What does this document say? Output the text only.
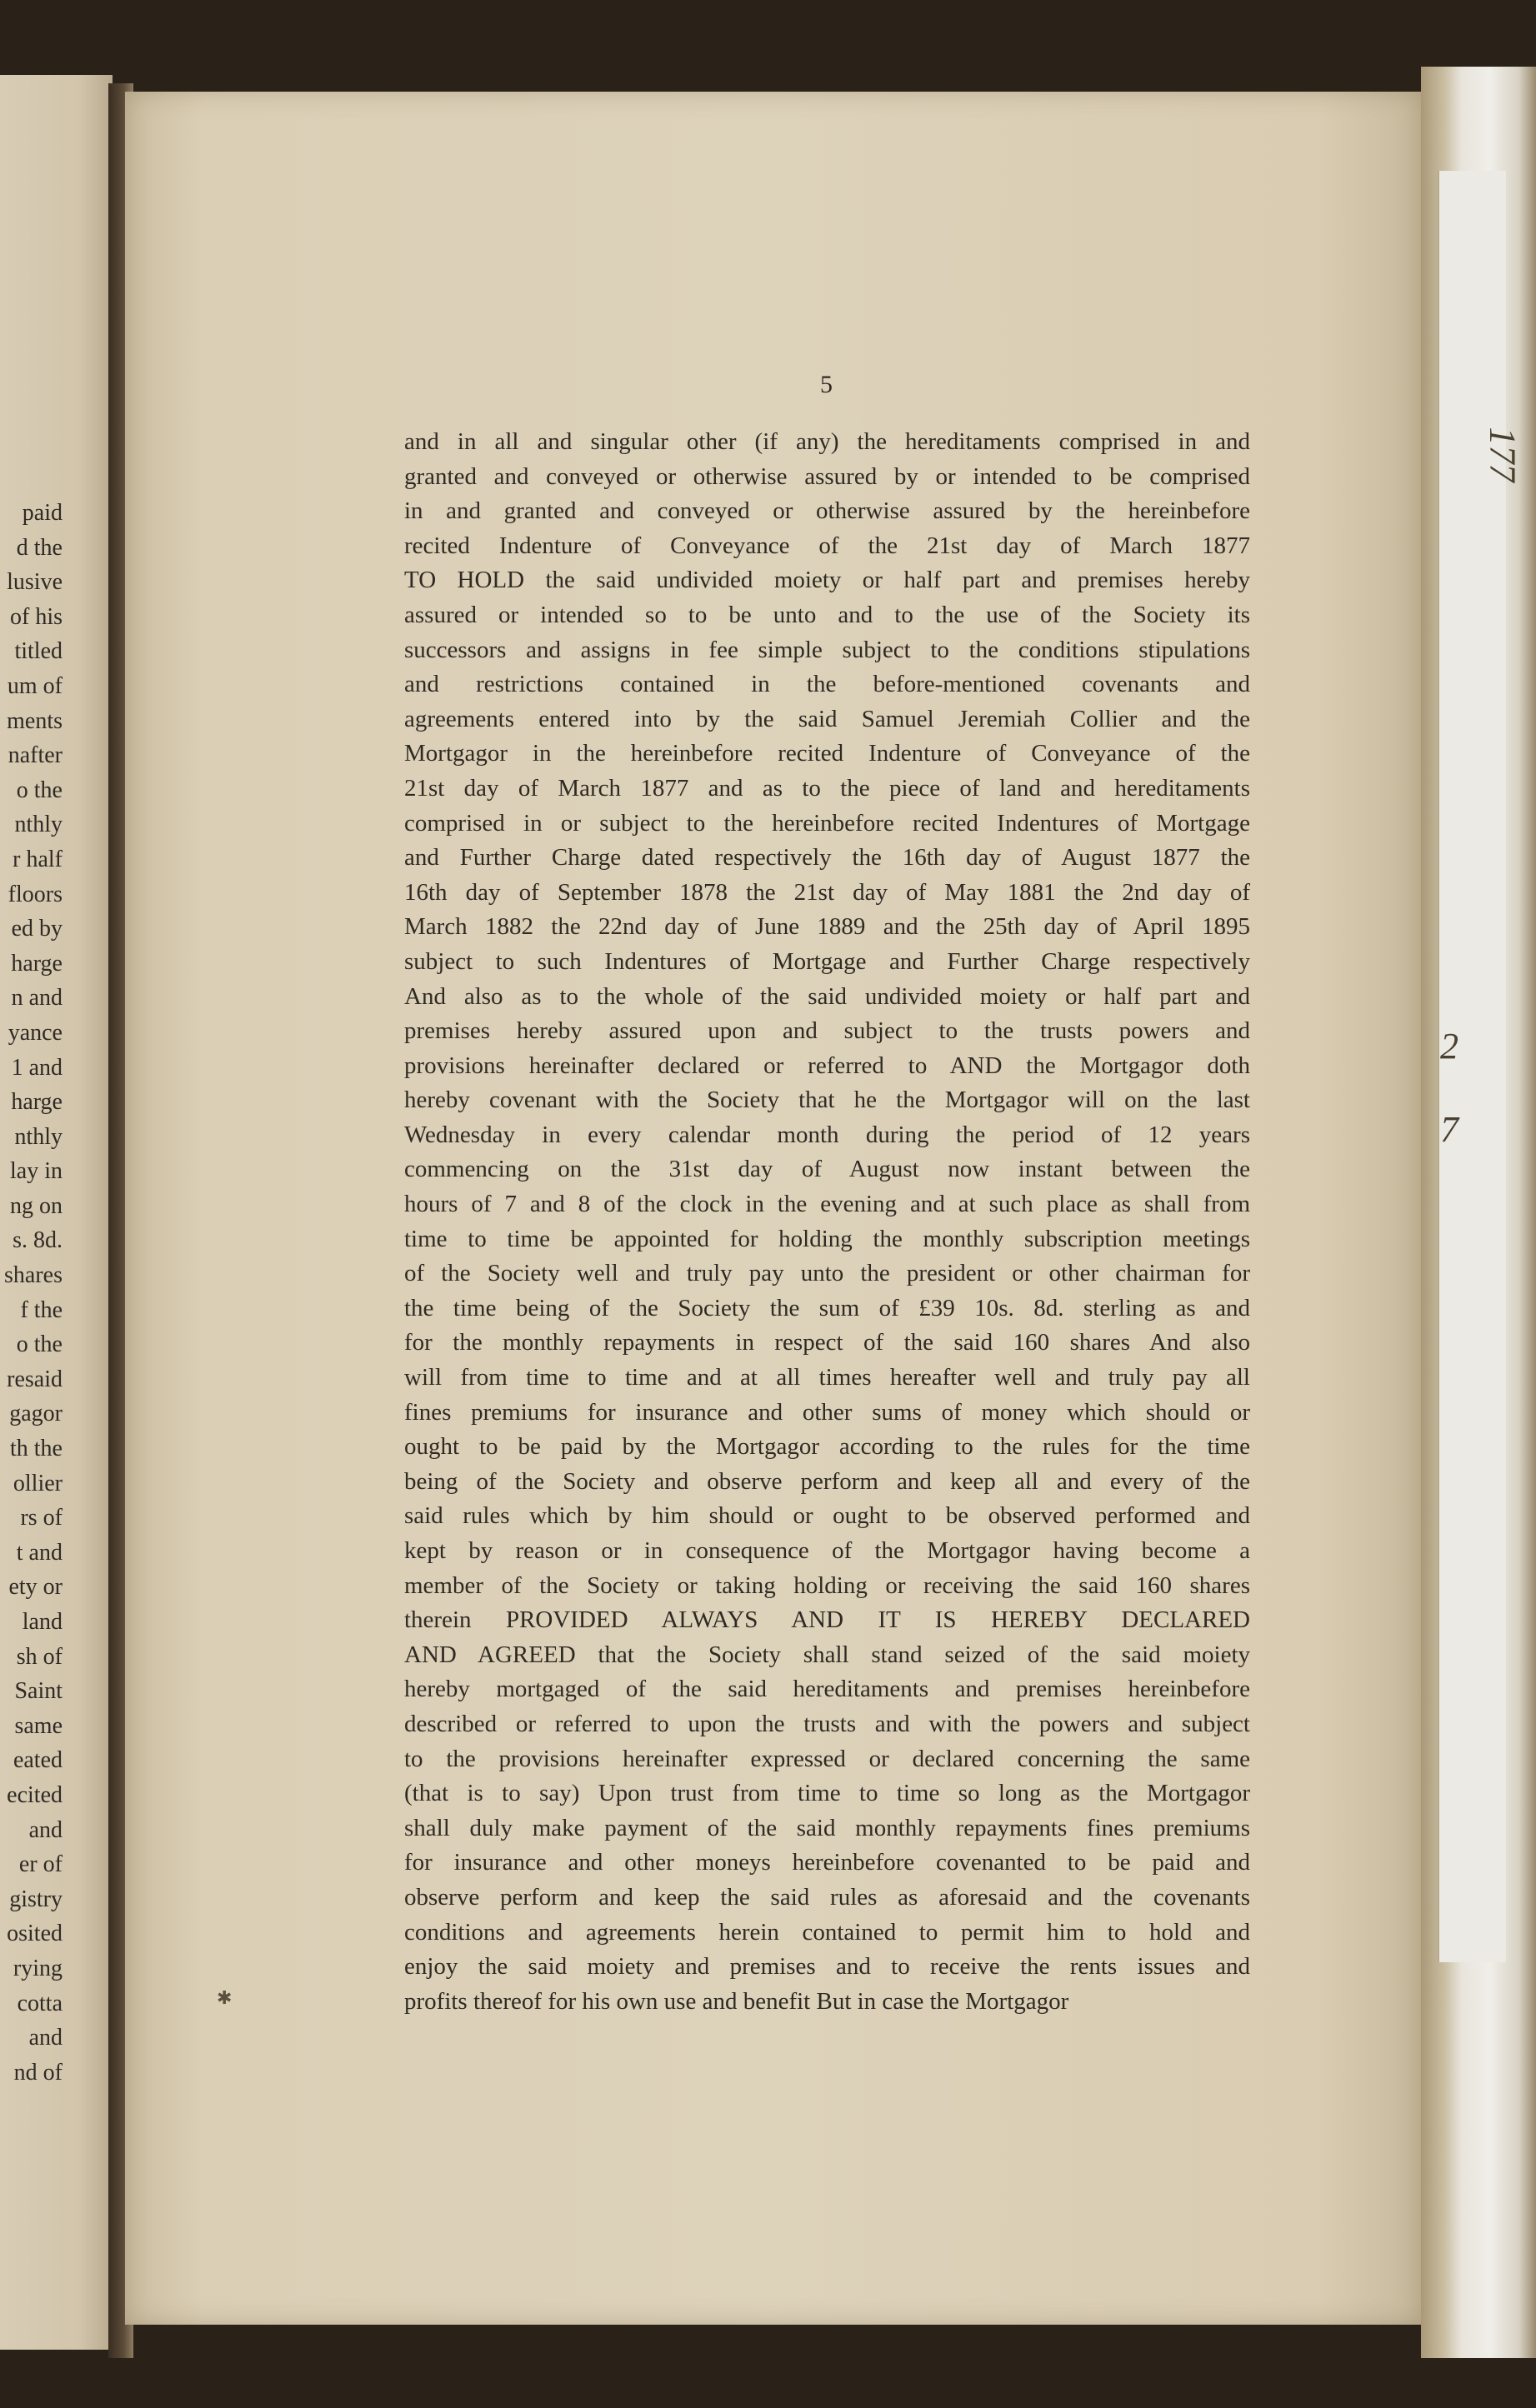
paid
d the
lusive
of his
titled
um of
ments
nafter
o the
nthly
r half
floors
ed by
harge
n and
yance
1 and
harge
nthly
lay in
ng on
s. 8d.
shares
f the
o the
resaid
gagor
th the
ollier
rs of
t and
ety or
land
sh of
Saint
same
eated
ecited
and
er of
gistry
osited
rying
cotta
and
nd of
5
and in all and singular other (if any) the hereditaments comprised in and
granted and conveyed or otherwise assured by or intended to be comprised
in and granted and conveyed or otherwise assured by the hereinbefore
recited Indenture of Conveyance of the 21st day of March 1877
TO HOLD the said undivided moiety or half part and premises hereby
assured or intended so to be unto and to the use of the Society its
successors and assigns in fee simple subject to the conditions stipulations
and restrictions contained in the before-mentioned covenants and
agreements entered into by the said Samuel Jeremiah Collier and the
Mortgagor in the hereinbefore recited Indenture of Conveyance of the
21st day of March 1877 and as to the piece of land and hereditaments
comprised in or subject to the hereinbefore recited Indentures of Mortgage
and Further Charge dated respectively the 16th day of August 1877 the
16th day of September 1878 the 21st day of May 1881 the 2nd day of
March 1882 the 22nd day of June 1889 and the 25th day of April 1895
subject to such Indentures of Mortgage and Further Charge respectively
And also as to the whole of the said undivided moiety or half part and
premises hereby assured upon and subject to the trusts powers and
provisions hereinafter declared or referred to AND the Mortgagor doth
hereby covenant with the Society that he the Mortgagor will on the last
Wednesday in every calendar month during the period of 12 years
commencing on the 31st day of August now instant between the
hours of 7 and 8 of the clock in the evening and at such place as shall from
time to time be appointed for holding the monthly subscription meetings
of the Society well and truly pay unto the president or other chairman for
the time being of the Society the sum of £39 10s. 8d. sterling as and
for the monthly repayments in respect of the said 160 shares And also
will from time to time and at all times hereafter well and truly pay all
fines premiums for insurance and other sums of money which should or
ought to be paid by the Mortgagor according to the rules for the time
being of the Society and observe perform and keep all and every of the
said rules which by him should or ought to be observed performed and
kept by reason or in consequence of the Mortgagor having become a
member of the Society or taking holding or receiving the said 160 shares
therein PROVIDED ALWAYS AND IT IS HEREBY DECLARED
AND AGREED that the Society shall stand seized of the said moiety
hereby mortgaged of the said hereditaments and premises hereinbefore
described or referred to upon the trusts and with the powers and subject
to the provisions hereinafter expressed or declared concerning the same
(that is to say) Upon trust from time to time so long as the Mortgagor
shall duly make payment of the said monthly repayments fines premiums
for insurance and other moneys hereinbefore covenanted to be paid and
observe perform and keep the said rules as aforesaid and the covenants
conditions and agreements herein contained to permit him to hold and
enjoy the said moiety and premises and to receive the rents issues and
profits thereof for his own use and benefit But in case the Mortgagor
177
2
7
✱
